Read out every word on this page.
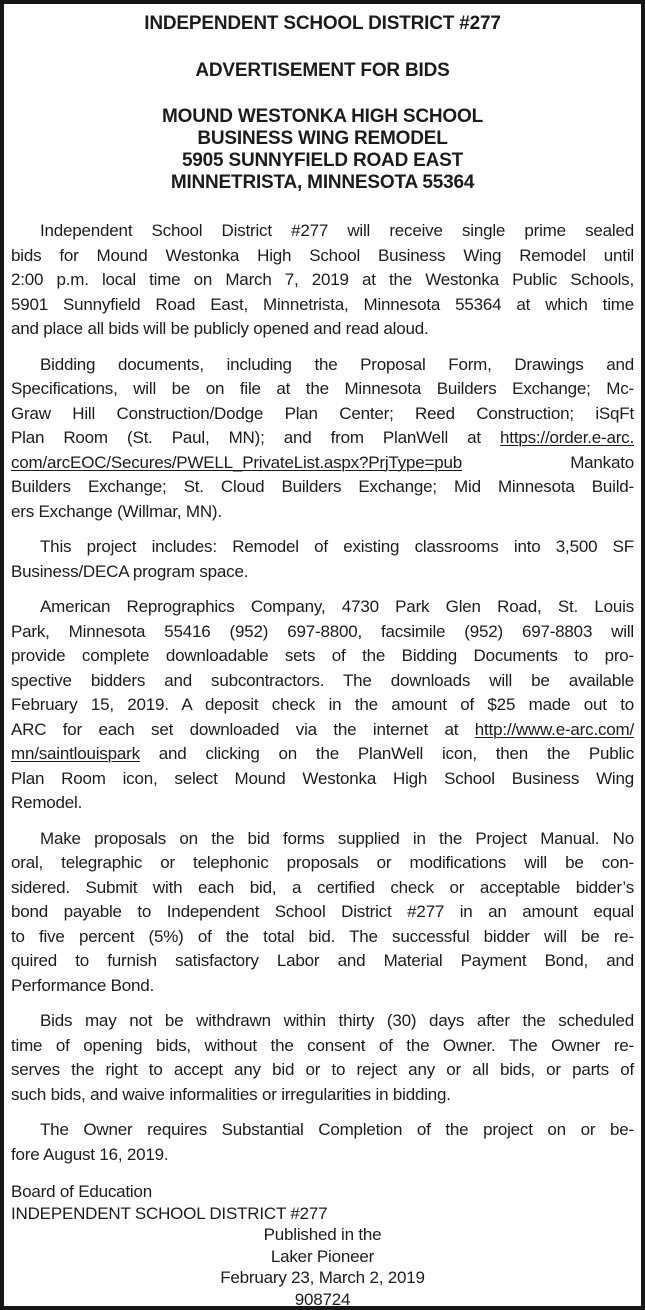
INDEPENDENT SCHOOL DISTRICT #277
ADVERTISEMENT FOR BIDS
MOUND WESTONKA HIGH SCHOOL
BUSINESS WING REMODEL
5905 SUNNYFIELD ROAD EAST
MINNETRISTA, MINNESOTA 55364
Independent School District #277 will receive single prime sealed
bids for Mound Westonka High School Business Wing Remodel until
2:00 p.m. local time on March 7, 2019 at the Westonka Public Schools,
5901 Sunnyfield Road East, Minnetrista, Minnesota 55364 at which time
and place all bids will be publicly opened and read aloud.
Bidding documents, including the Proposal Form, Drawings and
Specifications, will be on file at the Minnesota Builders Exchange; Mc-
Graw Hill Construction/Dodge Plan Center; Reed Construction; iSqFt
Plan Room (St. Paul, MN); and from PlanWell at https://order.e-arc.
com/arcEOC/Secures/PWELL_PrivateList.aspx?PrjType=pub Mankato
Builders Exchange; St. Cloud Builders Exchange; Mid Minnesota Build-
ers Exchange (Willmar, MN).
This project includes: Remodel of existing classrooms into 3,500 SF
Business/DECA program space.
American Reprographics Company, 4730 Park Glen Road, St. Louis
Park, Minnesota 55416 (952) 697-8800, facsimile (952) 697-8803 will
provide complete downloadable sets of the Bidding Documents to pro-
spective bidders and subcontractors. The downloads will be available
February 15, 2019. A deposit check in the amount of $25 made out to
ARC for each set downloaded via the internet at http://www.e-arc.com/
mn/saintlouispark and clicking on the PlanWell icon, then the Public
Plan Room icon, select Mound Westonka High School Business Wing
Remodel.
Make proposals on the bid forms supplied in the Project Manual. No
oral, telegraphic or telephonic proposals or modifications will be con-
sidered. Submit with each bid, a certified check or acceptable bidder’s
bond payable to Independent School District #277 in an amount equal
to five percent (5%) of the total bid. The successful bidder will be re-
quired to furnish satisfactory Labor and Material Payment Bond, and
Performance Bond.
Bids may not be withdrawn within thirty (30) days after the scheduled
time of opening bids, without the consent of the Owner. The Owner re-
serves the right to accept any bid or to reject any or all bids, or parts of
such bids, and waive informalities or irregularities in bidding.
The Owner requires Substantial Completion of the project on or be-
fore August 16, 2019.
Board of Education
INDEPENDENT SCHOOL DISTRICT #277
Published in the
Laker Pioneer
February 23, March 2, 2019
908724
